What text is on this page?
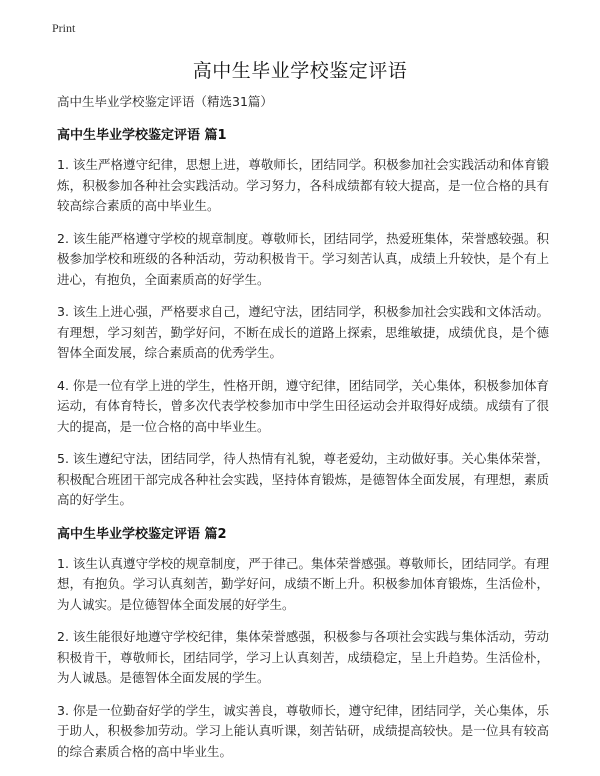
Print
高中生毕业学校鉴定评语
高中生毕业学校鉴定评语（精选31篇）
高中生毕业学校鉴定评语 篇1

1. 该生严格遵守纪律，思想上进，尊敬师长，团结同学。积极参加社会实践活动和体育锻炼，积极参加各种社会实践活动。学习努力，各科成绩都有较大提高，是一位合格的具有较高综合素质的高中毕业生。

2. 该生能严格遵守学校的规章制度。尊敬师长，团结同学，热爱班集体，荣誉感较强。积极参加学校和班级的各种活动，劳动积极肯干。学习刻苦认真，成绩上升较快，是个有上进心，有抱负，全面素质高的好学生。

3. 该生上进心强，严格要求自己，遵纪守法，团结同学，积极参加社会实践和文体活动。有理想，学习刻苦，勤学好问，不断在成长的道路上探索，思维敏捷，成绩优良，是个德智体全面发展，综合素质高的优秀学生。

4. 你是一位有学上进的学生，性格开朗，遵守纪律，团结同学，关心集体，积极参加体育运动，有体育特长，曾多次代表学校参加市中学生田径运动会并取得好成绩。成绩有了很大的提高，是一位合格的高中毕业生。

5. 该生遵纪守法，团结同学，待人热情有礼貌，尊老爱幼，主动做好事。关心集体荣誉，积极配合班团干部完成各种社会实践，坚持体育锻炼，是德智体全面发展，有理想，素质高的好学生。

高中生毕业学校鉴定评语 篇2

1. 该生认真遵守学校的规章制度，严于律己。集体荣誉感强。尊敬师长，团结同学。有理想，有抱负。学习认真刻苦，勤学好问，成绩不断上升。积极参加体育锻炼，生活俭朴，为人诚实。是位德智体全面发展的好学生。

2. 该生能很好地遵守学校纪律，集体荣誉感强，积极参与各项社会实践与集体活动，劳动积极肯干，尊敬师长，团结同学，学习上认真刻苦，成绩稳定，呈上升趋势。生活俭朴，为人诚恳。是德智体全面发展的学生。

3. 你是一位勤奋好学的学生，诚实善良，尊敬师长，遵守纪律，团结同学，关心集体，乐于助人，积极参加劳动。学习上能认真听课，刻苦钻研，成绩提高较快。是一位具有较高的综合素质合格的高中毕业生。
